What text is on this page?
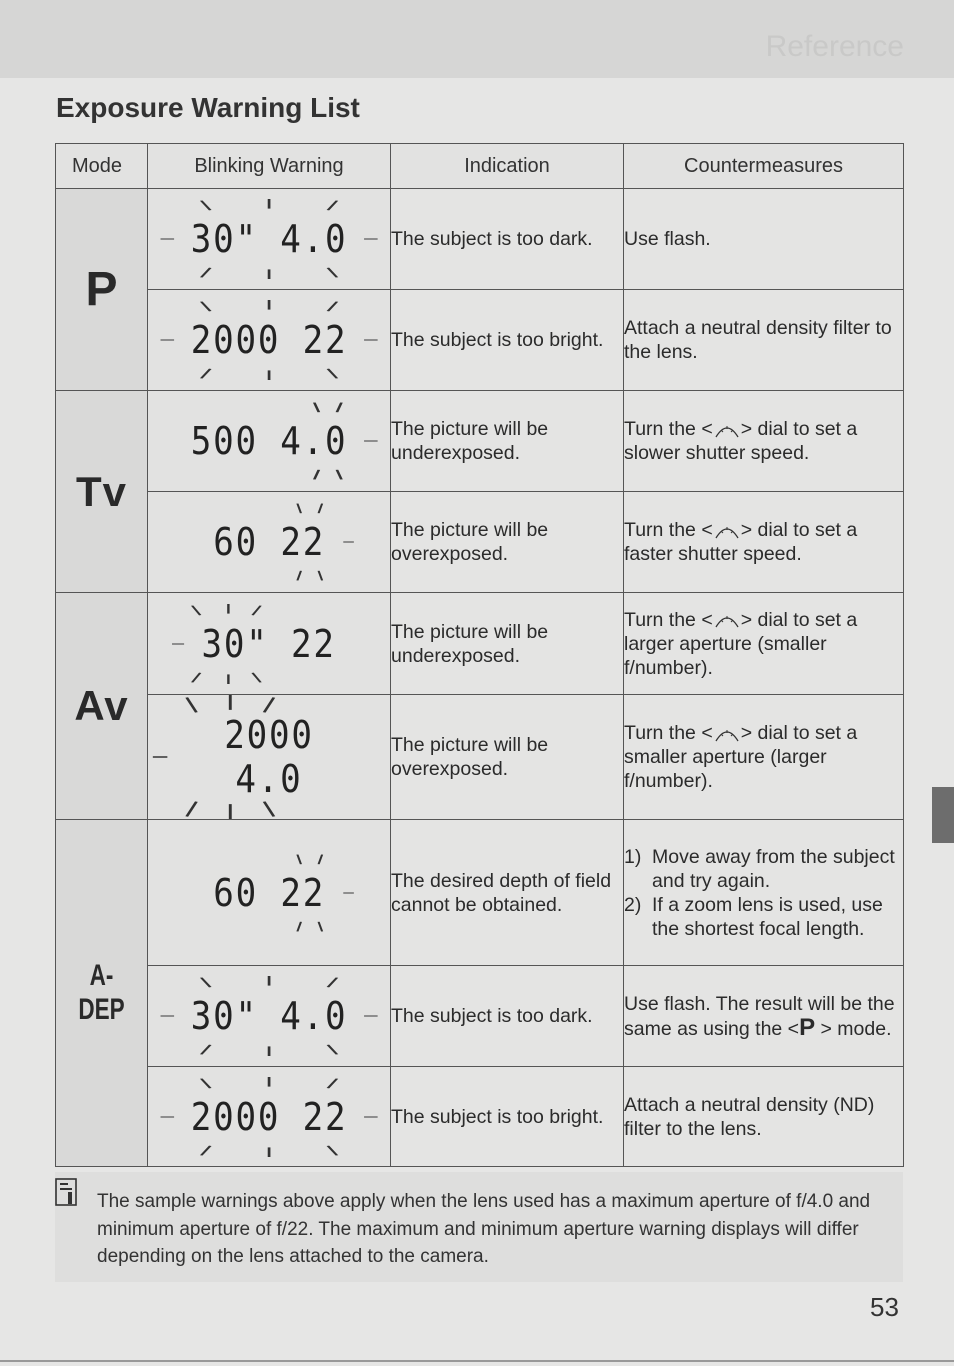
Reference
Exposure Warning List
Mode	Blinking Warning	Indication	Countermeasures
P	30" 4.0	The subject is too dark.	Use flash.

	2000 22	The subject is too bright.	Attach a neutral density filter to the lens.

Tv	500 4.0	The picture will be underexposed.	Turn the < > dial to set a slower shutter speed.
	60 22	The picture will be overexposed.	Turn the < > dial to set a faster shutter speed.
Av	30" 22	The picture will be underexposed.	Turn the < > dial to set a larger aperture (smaller f/number).
	2000 4.0	The picture will be overexposed.	Turn the < > dial to set a smaller aperture (larger f/number).
A-DEP	60 22	The desired depth of field cannot be obtained.	1) Move away from the subject and try again.
2) If a zoom lens is used, use the shortest focal length.

	30" 4.0	The subject is too dark.	Use flash. The result will be the same as using the <P > mode.
	2000 22	The subject is too bright.	Attach a neutral density (ND) filter to the lens.
The sample warnings above apply when the lens used has a maximum aperture of f/4.0 and minimum aperture of f/22. The maximum and minimum aperture warning displays will differ depending on the lens attached to the camera.
53
